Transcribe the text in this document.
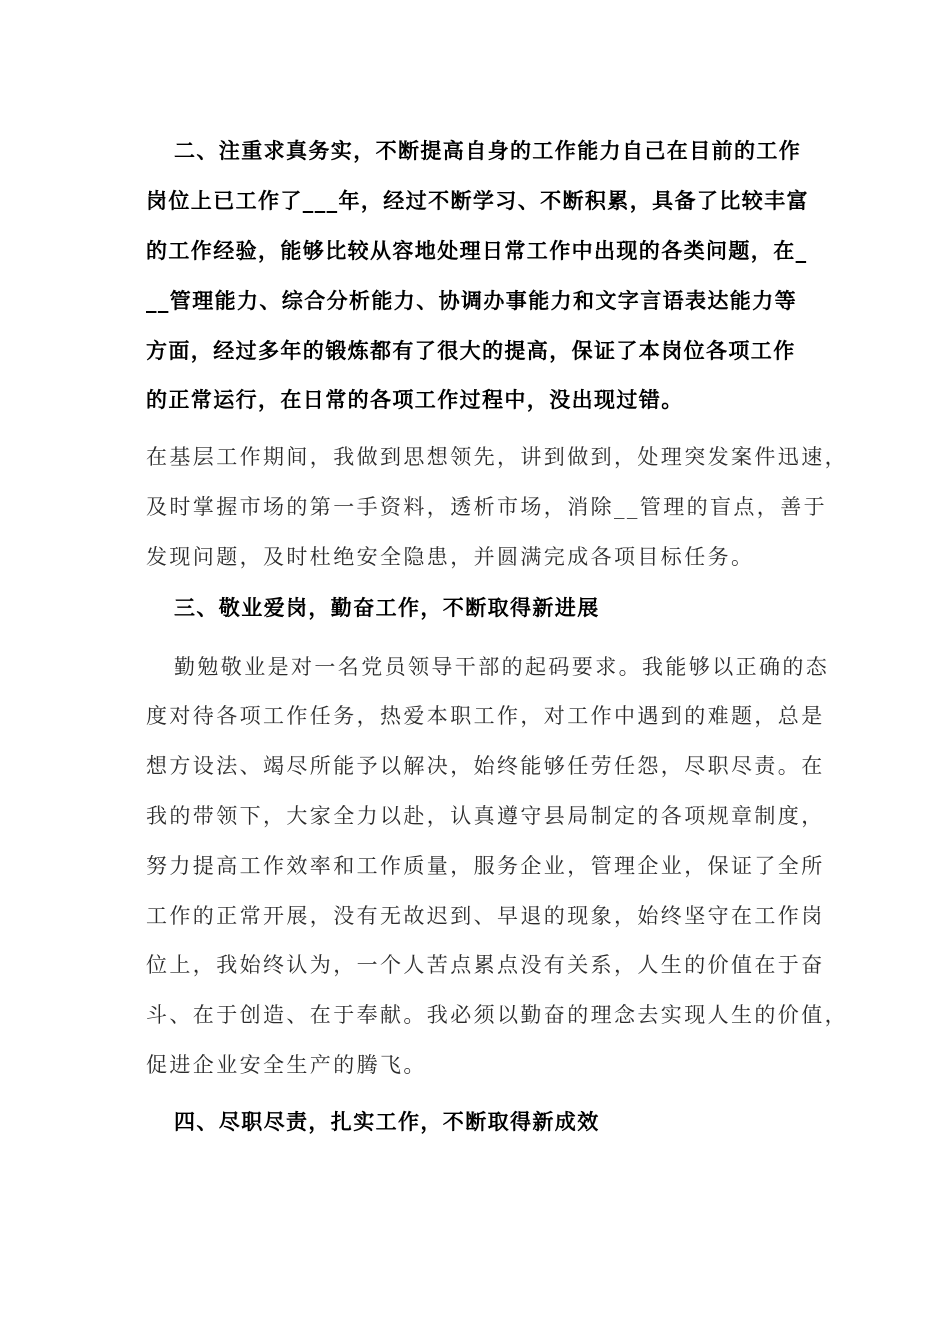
二、注重求真务实，不断提高自身的工作能力自己在目前的工作
岗位上已工作了___年，经过不断学习、不断积累，具备了比较丰富
的工作经验，能够比较从容地处理日常工作中出现的各类问题，在_
__管理能力、综合分析能力、协调办事能力和文字言语表达能力等
方面，经过多年的锻炼都有了很大的提高，保证了本岗位各项工作
的正常运行，在日常的各项工作过程中，没出现过错。
在基层工作期间，我做到思想领先，讲到做到，处理突发案件迅速，
及时掌握市场的第一手资料，透析市场，消除__管理的盲点，善于
发现问题，及时杜绝安全隐患，并圆满完成各项目标任务。
三、敬业爱岗，勤奋工作，不断取得新进展
勤勉敬业是对一名党员领导干部的起码要求。我能够以正确的态
度对待各项工作任务，热爱本职工作，对工作中遇到的难题，总是
想方设法、竭尽所能予以解决，始终能够任劳任怨，尽职尽责。在
我的带领下，大家全力以赴，认真遵守县局制定的各项规章制度，
努力提高工作效率和工作质量，服务企业，管理企业，保证了全所
工作的正常开展，没有无故迟到、早退的现象，始终坚守在工作岗
位上，我始终认为，一个人苦点累点没有关系，人生的价值在于奋
斗、在于创造、在于奉献。我必须以勤奋的理念去实现人生的价值，
促进企业安全生产的腾飞。
四、尽职尽责，扎实工作，不断取得新成效
